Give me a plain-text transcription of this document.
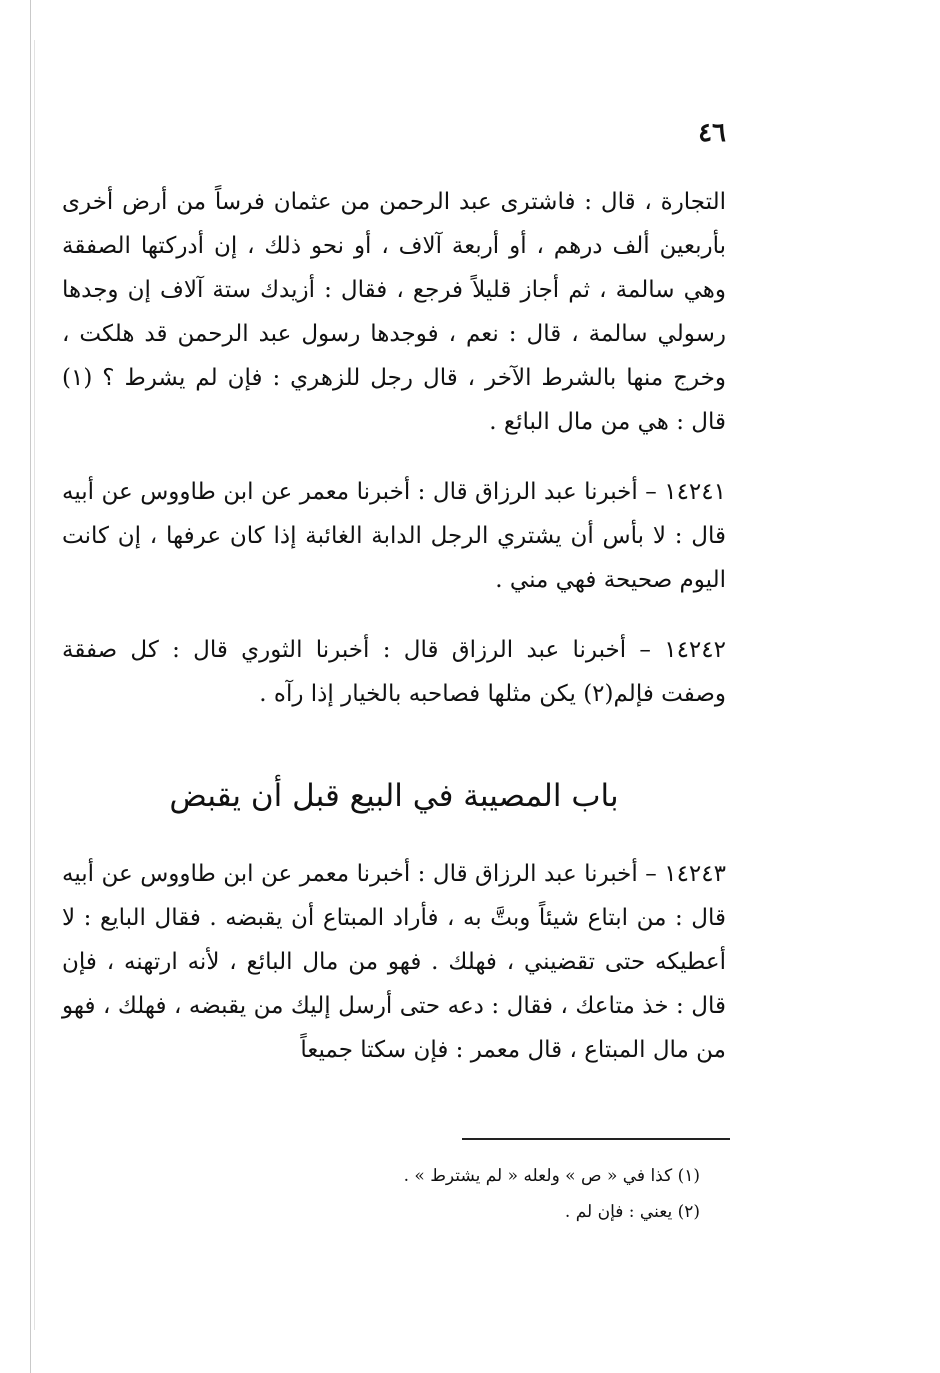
٤٦

التجارة ، قال : فاشترى عبد الرحمن من عثمان فرساً من أرض أخرى بأربعين ألف درهم ، أو أربعة آلاف ، أو نحو ذلك ، إن أدركتها الصفقة وهي سالمة ، ثم أجاز قليلاً فرجع ، فقال : أزيدك ستة آلاف إن وجدها رسولي سالمة ، قال : نعم ، فوجدها رسول عبد الرحمن قد هلكت ، وخرج منها بالشرط الآخر ، قال رجل للزهري : فإن لم يشرط ؟ (١) قال : هي من مال البائع .

١٤٢٤١ – أخبرنا عبد الرزاق قال : أخبرنا معمر عن ابن طاووس عن أبيه قال : لا بأس أن يشتري الرجل الدابة الغائبة إذا كان عرفها ، إن كانت اليوم صحيحة فهي مني .

١٤٢٤٢ – أخبرنا عبد الرزاق قال : أخبرنا الثوري قال : كل صفقة وصفت فإلم(٢) يكن مثلها فصاحبه بالخيار إذا رآه .

باب المصيبة في البيع قبل أن يقبض

١٤٢٤٣ – أخبرنا عبد الرزاق قال : أخبرنا معمر عن ابن طاووس عن أبيه قال : من ابتاع شيئاً وبتَّ به ، فأراد المبتاع أن يقبضه . فقال البايع : لا أعطيكه حتى تقضيني ، فهلك . فهو من مال البائع ، لأنه ارتهنه ، فإن قال : خذ متاعك ، فقال : دعه حتى أرسل إليك من يقبضه ، فهلك ، فهو من مال المبتاع ، قال معمر : فإن سكتا جميعاً

(١) كذا في « ص » ولعله « لم يشترط » .

(٢) يعني : فإن لم .
